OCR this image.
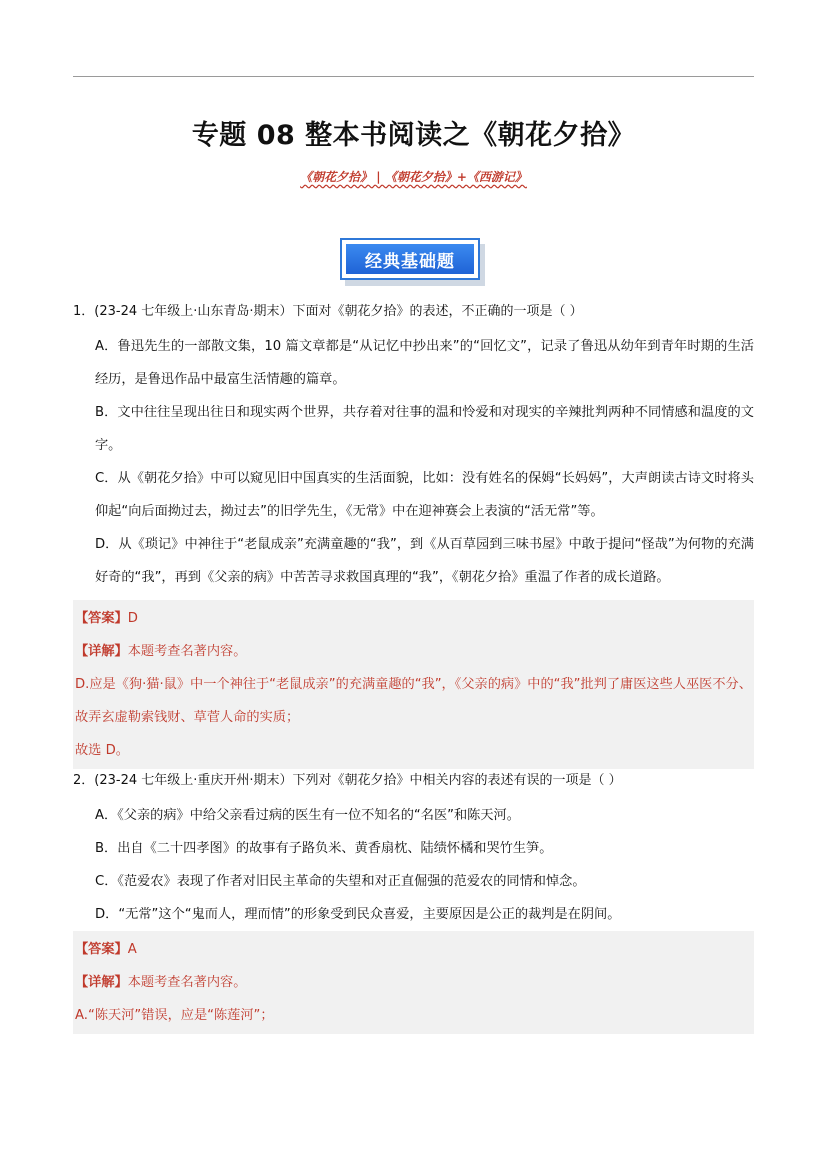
专题 08 整本书阅读之《朝花夕拾》
《朝花夕拾》 | 《朝花夕拾》+《西游记》
经典基础题

1．(23-24 七年级上·山东青岛·期末）下面对《朝花夕拾》的表述，不正确的一项是（ ）

A．鲁迅先生的一部散文集，10 篇文章都是“从记忆中抄出来”的“回忆文”，记录了鲁迅从幼年到青年时期的生活经历，是鲁迅作品中最富生活情趣的篇章。

B．文中往往呈现出往日和现实两个世界，共存着对往事的温和怜爱和对现实的辛辣批判两种不同情感和温度的文字。

C．从《朝花夕拾》中可以窥见旧中国真实的生活面貌，比如：没有姓名的保姆“长妈妈”，大声朗读古诗文时将头仰起“向后面拗过去，拗过去”的旧学先生，《无常》中在迎神赛会上表演的“活无常”等。

D．从《琐记》中神往于“老鼠成亲”充满童趣的“我”，到《从百草园到三味书屋》中敢于提问“怪哉”为何物的充满好奇的“我”，再到《父亲的病》中苦苦寻求救国真理的“我”，《朝花夕拾》重温了作者的成长道路。

【答案】D

【详解】本题考查名著内容。

D.应是《狗·猫·鼠》中一个神往于“老鼠成亲”的充满童趣的“我”，《父亲的病》中的“我”批判了庸医这些人巫医不分、故弄玄虚勒索钱财、草菅人命的实质；

故选 D。

2．(23-24 七年级上·重庆开州·期末）下列对《朝花夕拾》中相关内容的表述有误的一项是（ ）

A．《父亲的病》中给父亲看过病的医生有一位不知名的“名医”和陈天河。

B．出自《二十四孝图》的故事有子路负米、黄香扇枕、陆绩怀橘和哭竹生笋。

C．《范爱农》表现了作者对旧民主革命的失望和对正直倔强的范爱农的同情和悼念。

D．“无常”这个“鬼而人，理而情”的形象受到民众喜爱，主要原因是公正的裁判是在阴间。

【答案】A

【详解】本题考查名著内容。

A.“陈天河”错误，应是“陈莲河”；
